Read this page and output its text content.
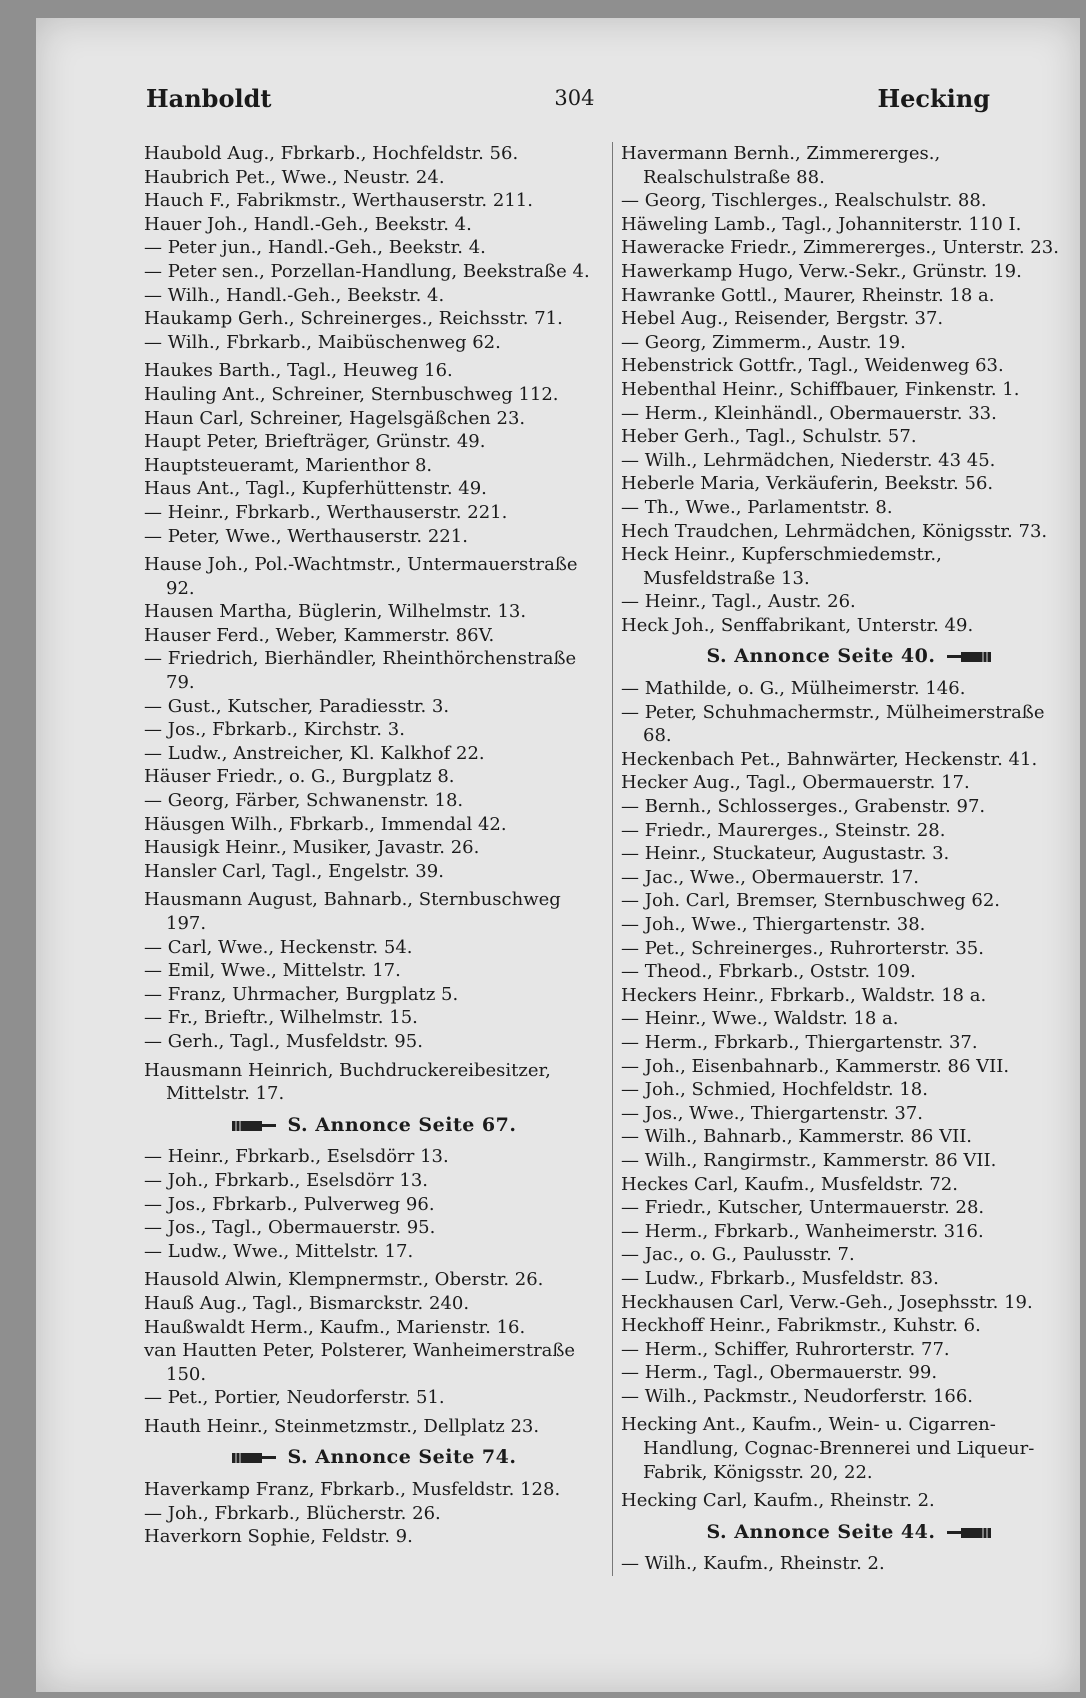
Hanboldt	304	Hecking

Haubold Aug., Fbrkarb., Hochfeldstr. 56.

Haubrich Pet., Wwe., Neustr. 24.

Hauch F., Fabrikmstr., Werthauserstr. 211.

Hauer Joh., Handl.-Geh., Beekstr. 4.

— Peter jun., Handl.-Geh., Beekstr. 4.

— Peter sen., Porzellan-Handlung, Beekstraße 4.

— Wilh., Handl.-Geh., Beekstr. 4.

Haukamp Gerh., Schreinerges., Reichsstr. 71.

— Wilh., Fbrkarb., Maibüschenweg 62.

Haukes Barth., Tagl., Heuweg 16.

Hauling Ant., Schreiner, Sternbuschweg 112.

Haun Carl, Schreiner, Hagelsgäßchen 23.

Haupt Peter, Briefträger, Grünstr. 49.

Hauptsteueramt, Marienthor 8.

Haus Ant., Tagl., Kupferhüttenstr. 49.

— Heinr., Fbrkarb., Werthauserstr. 221.

— Peter, Wwe., Werthauserstr. 221.

Hause Joh., Pol.-Wachtmstr., Untermauerstraße 92.

Hausen Martha, Büglerin, Wilhelmstr. 13.

Hauser Ferd., Weber, Kammerstr. 86V.

— Friedrich, Bierhändler, Rheinthörchenstraße 79.

— Gust., Kutscher, Paradiesstr. 3.

— Jos., Fbrkarb., Kirchstr. 3.

— Ludw., Anstreicher, Kl. Kalkhof 22.

Häuser Friedr., o. G., Burgplatz 8.

— Georg, Färber, Schwanenstr. 18.

Häusgen Wilh., Fbrkarb., Immendal 42.

Hausigk Heinr., Musiker, Javastr. 26.

Hansler Carl, Tagl., Engelstr. 39.

Hausmann August, Bahnarb., Sternbuschweg 197.

— Carl, Wwe., Heckenstr. 54.

— Emil, Wwe., Mittelstr. 17.

— Franz, Uhrmacher, Burgplatz 5.

— Fr., Brieftr., Wilhelmstr. 15.

— Gerh., Tagl., Musfeldstr. 95.

Hausmann Heinrich, Buchdruckereibesitzer, Mittelstr. 17.

S. Annonce Seite 67.

— Heinr., Fbrkarb., Eselsdörr 13.

— Joh., Fbrkarb., Eselsdörr 13.

— Jos., Fbrkarb., Pulverweg 96.

— Jos., Tagl., Obermauerstr. 95.

— Ludw., Wwe., Mittelstr. 17.

Hausold Alwin, Klempnermstr., Oberstr. 26.

Hauß Aug., Tagl., Bismarckstr. 240.

Haußwaldt Herm., Kaufm., Marienstr. 16.

van Hautten Peter, Polsterer, Wanheimerstraße 150.

— Pet., Portier, Neudorferstr. 51.

Hauth Heinr., Steinmetzmstr., Dellplatz 23.

S. Annonce Seite 74.

Haverkamp Franz, Fbrkarb., Musfeldstr. 128.

— Joh., Fbrkarb., Blücherstr. 26.

Haverkorn Sophie, Feldstr. 9.

Havermann Bernh., Zimmererges., Realschulstraße 88.

— Georg, Tischlerges., Realschulstr. 88.

Häweling Lamb., Tagl., Johanniterstr. 110 I.

Haweracke Friedr., Zimmererges., Unterstr. 23.

Hawerkamp Hugo, Verw.-Sekr., Grünstr. 19.

Hawranke Gottl., Maurer, Rheinstr. 18 a.

Hebel Aug., Reisender, Bergstr. 37.

— Georg, Zimmerm., Austr. 19.

Hebenstrick Gottfr., Tagl., Weidenweg 63.

Hebenthal Heinr., Schiffbauer, Finkenstr. 1.

— Herm., Kleinhändl., Obermauerstr. 33.

Heber Gerh., Tagl., Schulstr. 57.

— Wilh., Lehrmädchen, Niederstr. 43 45.

Heberle Maria, Verkäuferin, Beekstr. 56.

— Th., Wwe., Parlamentstr. 8.

Hech Traudchen, Lehrmädchen, Königsstr. 73.

Heck Heinr., Kupferschmiedemstr., Musfeldstraße 13.

— Heinr., Tagl., Austr. 26.

Heck Joh., Senffabrikant, Unterstr. 49.

S. Annonce Seite 40.

— Mathilde, o. G., Mülheimerstr. 146.

— Peter, Schuhmachermstr., Mülheimerstraße 68.

Heckenbach Pet., Bahnwärter, Heckenstr. 41.

Hecker Aug., Tagl., Obermauerstr. 17.

— Bernh., Schlosserges., Grabenstr. 97.

— Friedr., Maurerges., Steinstr. 28.

— Heinr., Stuckateur, Augustastr. 3.

— Jac., Wwe., Obermauerstr. 17.

— Joh. Carl, Bremser, Sternbuschweg 62.

— Joh., Wwe., Thiergartenstr. 38.

— Pet., Schreinerges., Ruhrorterstr. 35.

— Theod., Fbrkarb., Oststr. 109.

Heckers Heinr., Fbrkarb., Waldstr. 18 a.

— Heinr., Wwe., Waldstr. 18 a.

— Herm., Fbrkarb., Thiergartenstr. 37.

— Joh., Eisenbahnarb., Kammerstr. 86 VII.

— Joh., Schmied, Hochfeldstr. 18.

— Jos., Wwe., Thiergartenstr. 37.

— Wilh., Bahnarb., Kammerstr. 86 VII.

— Wilh., Rangirmstr., Kammerstr. 86 VII.

Heckes Carl, Kaufm., Musfeldstr. 72.

— Friedr., Kutscher, Untermauerstr. 28.

— Herm., Fbrkarb., Wanheimerstr. 316.

— Jac., o. G., Paulusstr. 7.

— Ludw., Fbrkarb., Musfeldstr. 83.

Heckhausen Carl, Verw.-Geh., Josephsstr. 19.

Heckhoff Heinr., Fabrikmstr., Kuhstr. 6.

— Herm., Schiffer, Ruhrorterstr. 77.

— Herm., Tagl., Obermauerstr. 99.

— Wilh., Packmstr., Neudorferstr. 166.

Hecking Ant., Kaufm., Wein- u. Cigarren-Handlung, Cognac-Brennerei und Liqueur-Fabrik, Königsstr. 20, 22.

Hecking Carl, Kaufm., Rheinstr. 2.

S. Annonce Seite 44.

— Wilh., Kaufm., Rheinstr. 2.
